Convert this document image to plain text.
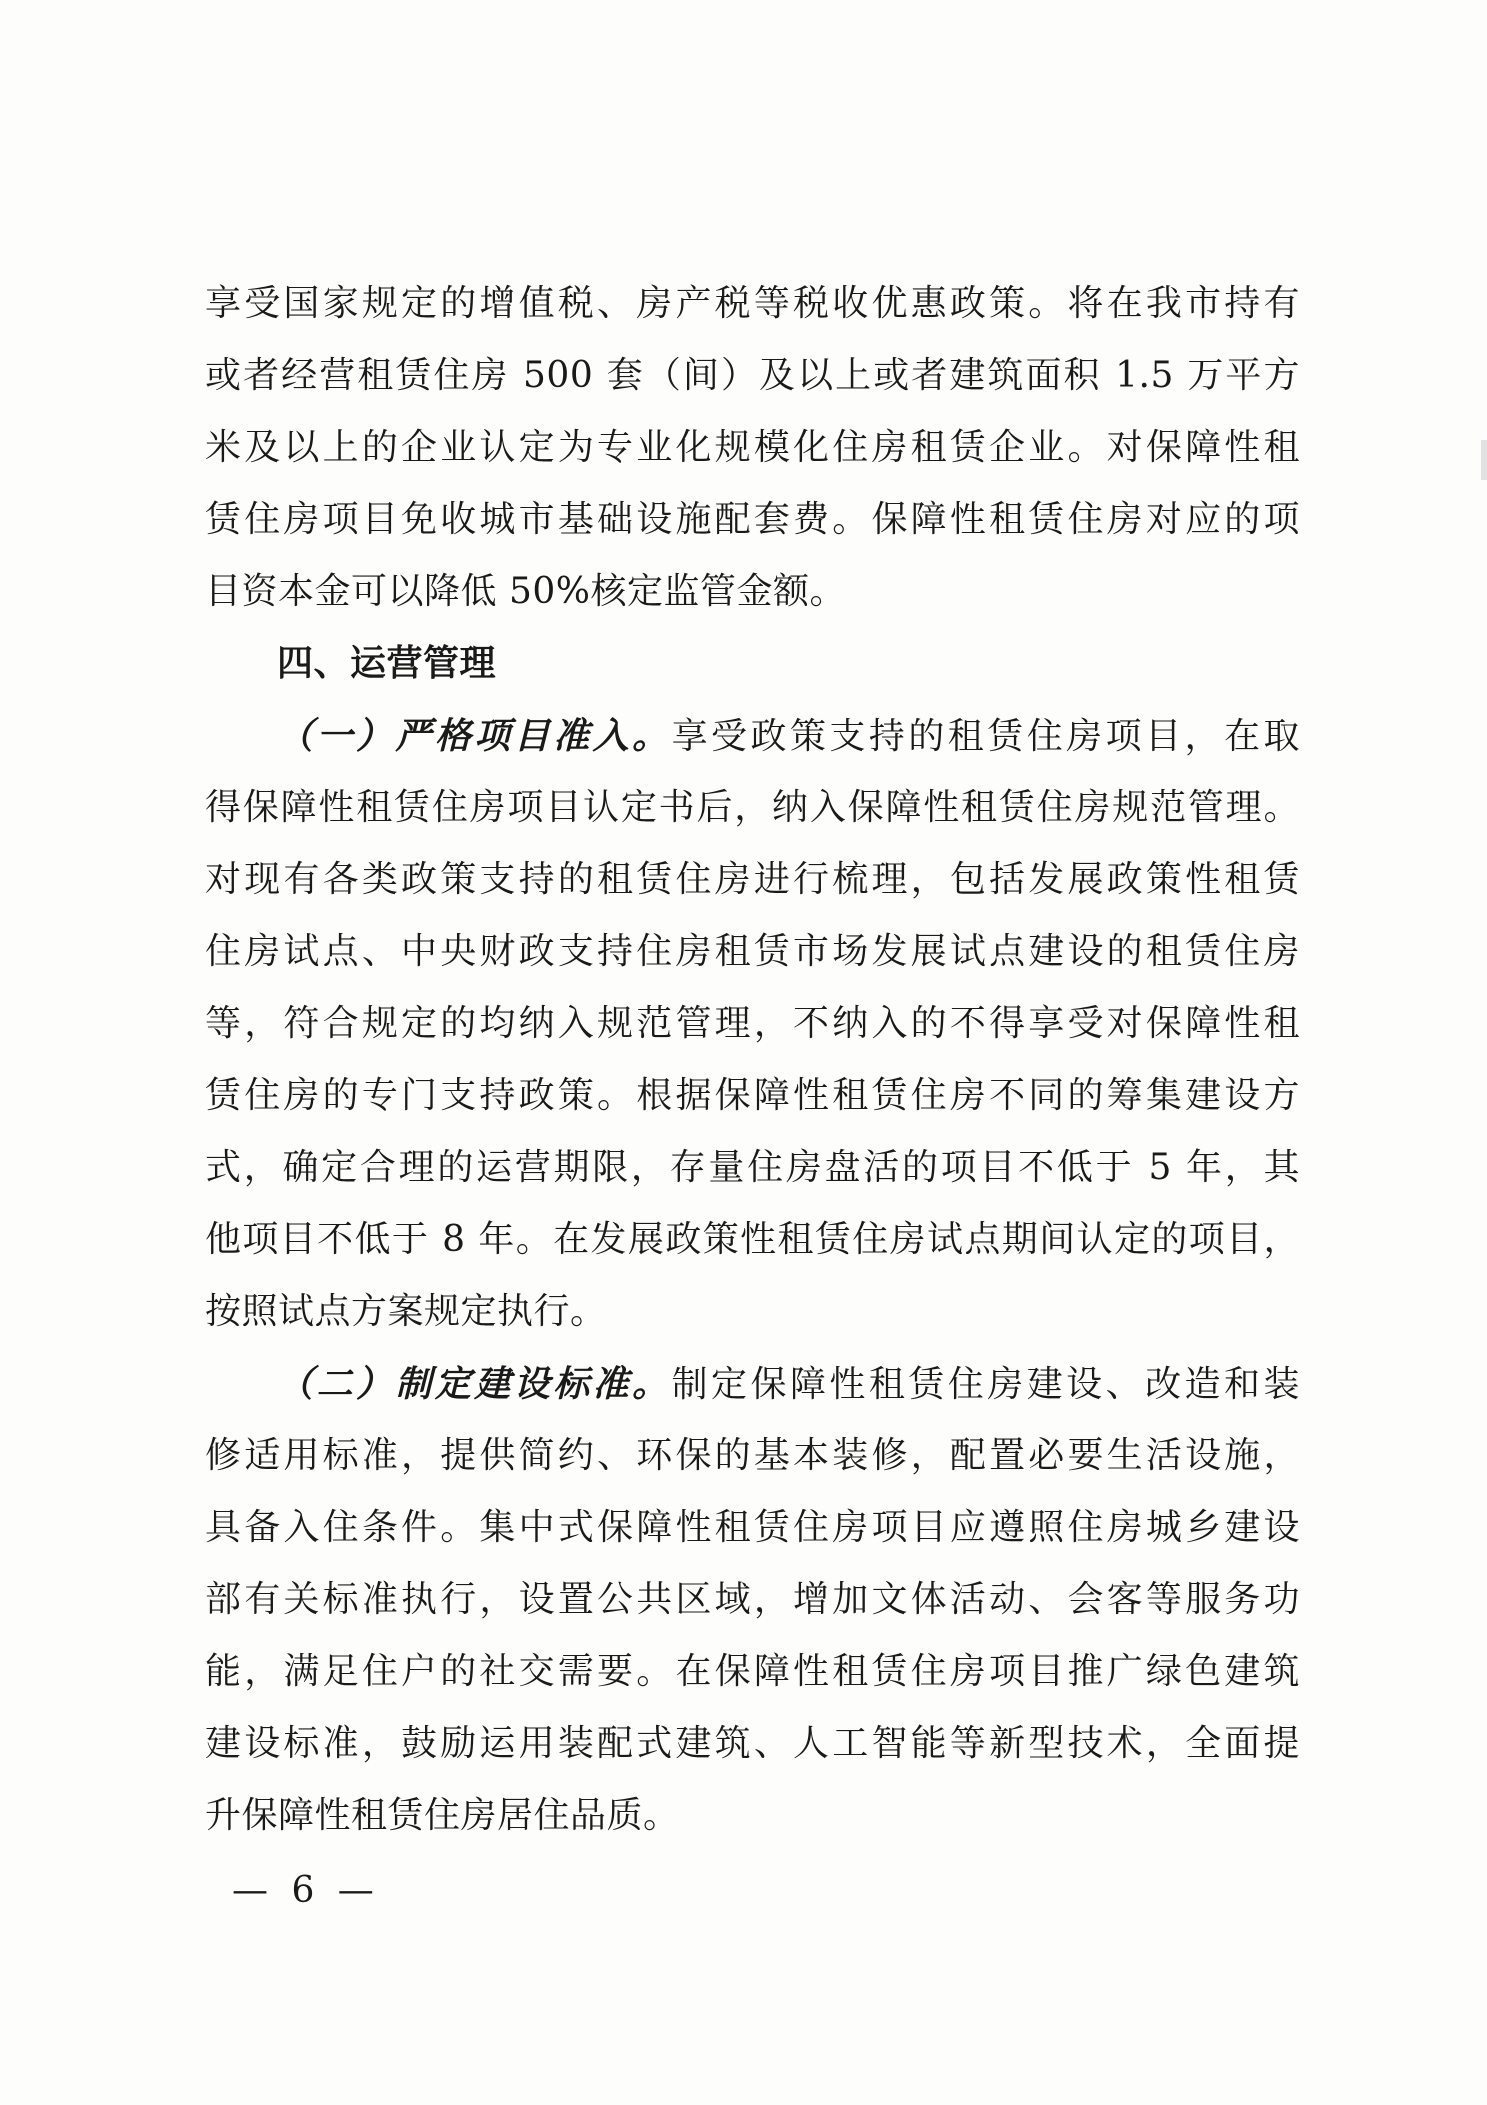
享受国家规定的增值税、房产税等税收优惠政策。将在我市持有
或者经营租赁住房 500 套（间）及以上或者建筑面积 1.5 万平方
米及以上的企业认定为专业化规模化住房租赁企业。对保障性租
赁住房项目免收城市基础设施配套费。保障性租赁住房对应的项
目资本金可以降低 50%核定监管金额。
四、运营管理
（一）严格项目准入。享受政策支持的租赁住房项目，在取
得保障性租赁住房项目认定书后，纳入保障性租赁住房规范管理。
对现有各类政策支持的租赁住房进行梳理，包括发展政策性租赁
住房试点、中央财政支持住房租赁市场发展试点建设的租赁住房
等，符合规定的均纳入规范管理，不纳入的不得享受对保障性租
赁住房的专门支持政策。根据保障性租赁住房不同的筹集建设方
式，确定合理的运营期限，存量住房盘活的项目不低于 5 年，其
他项目不低于 8 年。在发展政策性租赁住房试点期间认定的项目，
按照试点方案规定执行。
（二）制定建设标准。制定保障性租赁住房建设、改造和装
修适用标准，提供简约、环保的基本装修，配置必要生活设施，
具备入住条件。集中式保障性租赁住房项目应遵照住房城乡建设
部有关标准执行，设置公共区域，增加文体活动、会客等服务功
能，满足住户的社交需要。在保障性租赁住房项目推广绿色建筑
建设标准，鼓励运用装配式建筑、人工智能等新型技术，全面提
升保障性租赁住房居住品质。
— 6 —
